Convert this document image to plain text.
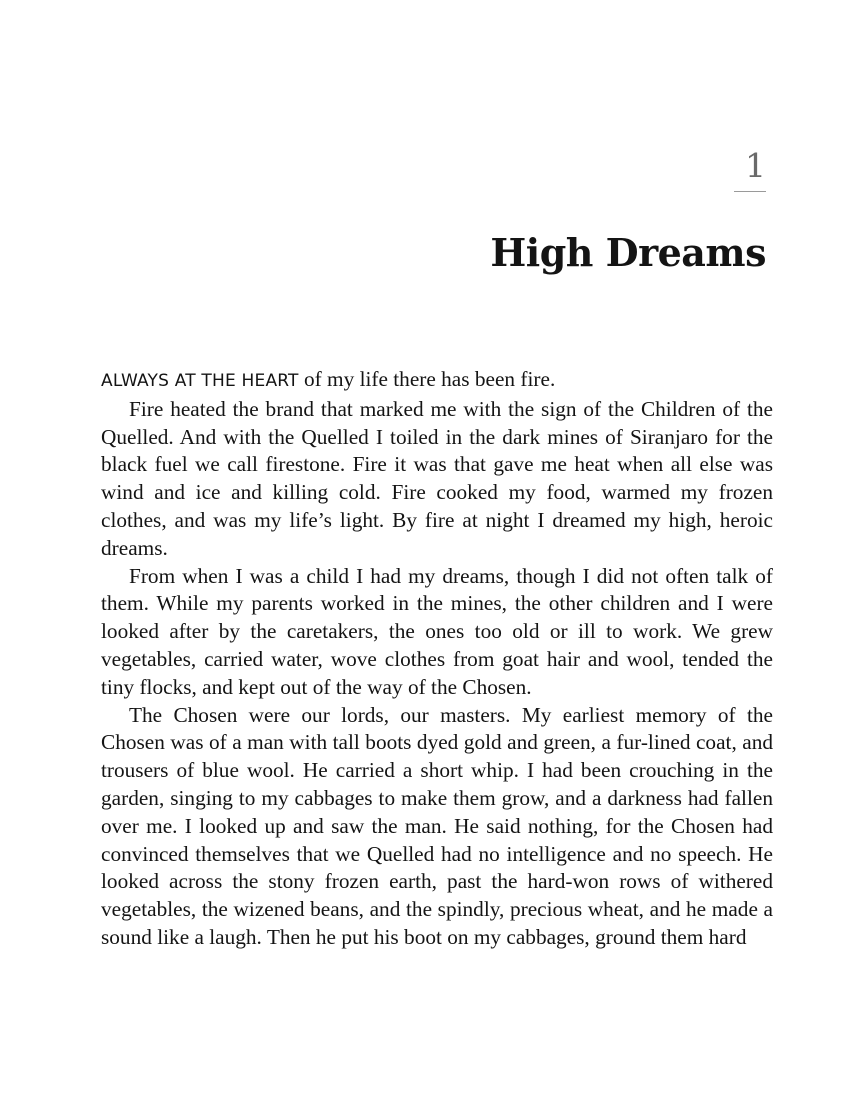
1
High Dreams

ALWAYS AT THE HEART of my life there has been fire.

Fire heated the brand that marked me with the sign of the Children of the Quelled. And with the Quelled I toiled in the dark mines of Siranjaro for the black fuel we call firestone. Fire it was that gave me heat when all else was wind and ice and killing cold. Fire cooked my food, warmed my frozen clothes, and was my life’s light. By fire at night I dreamed my high, heroic dreams.

From when I was a child I had my dreams, though I did not often talk of them. While my parents worked in the mines, the other children and I were looked after by the caretakers, the ones too old or ill to work. We grew vegetables, carried water, wove clothes from goat hair and wool, tended the tiny flocks, and kept out of the way of the Chosen.

The Chosen were our lords, our masters. My earliest memory of the Chosen was of a man with tall boots dyed gold and green, a fur-lined coat, and trousers of blue wool. He carried a short whip. I had been crouching in the garden, singing to my cabbages to make them grow, and a darkness had fallen over me. I looked up and saw the man. He said nothing, for the Chosen had convinced themselves that we Quelled had no intelligence and no speech. He looked across the stony frozen earth, past the hard-won rows of withered vegetables, the wizened beans, and the spindly, precious wheat, and he made a sound like a laugh. Then he put his boot on my cabbages, ground them hard
